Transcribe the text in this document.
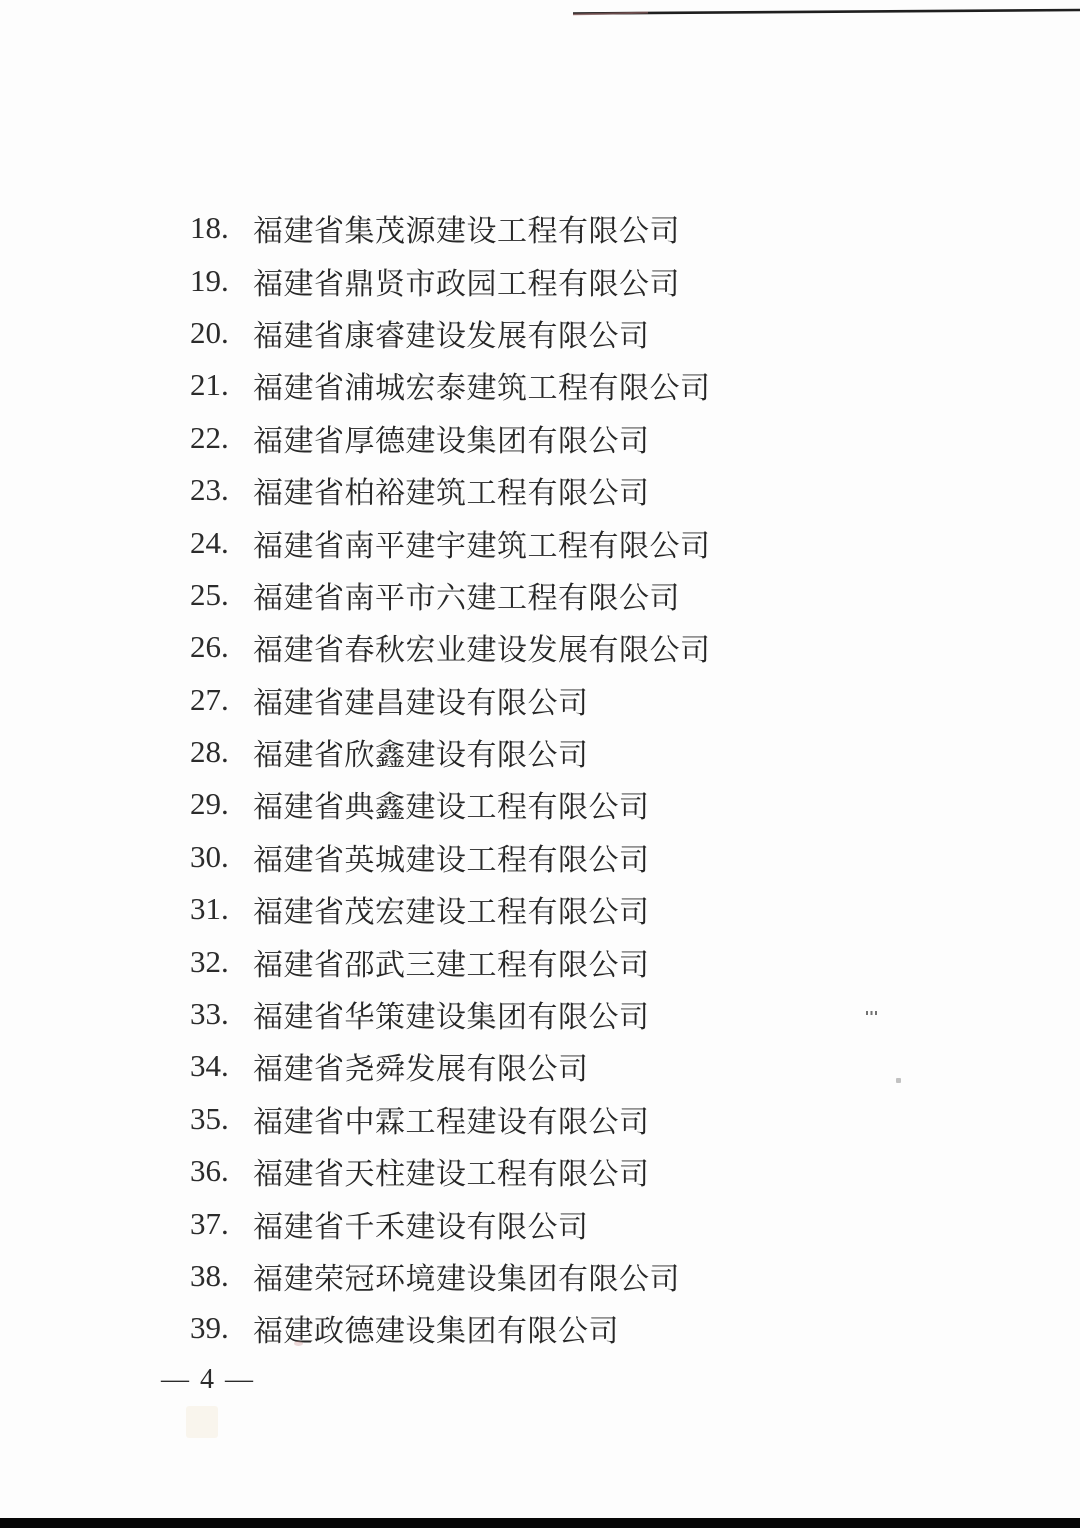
18. 福建省集茂源建设工程有限公司
19. 福建省鼎贤市政园工程有限公司
20. 福建省康睿建设发展有限公司
21. 福建省浦城宏泰建筑工程有限公司
22. 福建省厚德建设集团有限公司
23. 福建省柏裕建筑工程有限公司
24. 福建省南平建宇建筑工程有限公司
25. 福建省南平市六建工程有限公司
26. 福建省春秋宏业建设发展有限公司
27. 福建省建昌建设有限公司
28. 福建省欣鑫建设有限公司
29. 福建省典鑫建设工程有限公司
30. 福建省英城建设工程有限公司
31. 福建省茂宏建设工程有限公司
32. 福建省邵武三建工程有限公司
33. 福建省华策建设集团有限公司
34. 福建省尧舜发展有限公司
35. 福建省中霖工程建设有限公司
36. 福建省天柱建设工程有限公司
37. 福建省千禾建设有限公司
38. 福建荣冠环境建设集团有限公司
39. 福建政德建设集团有限公司
— 4 —
